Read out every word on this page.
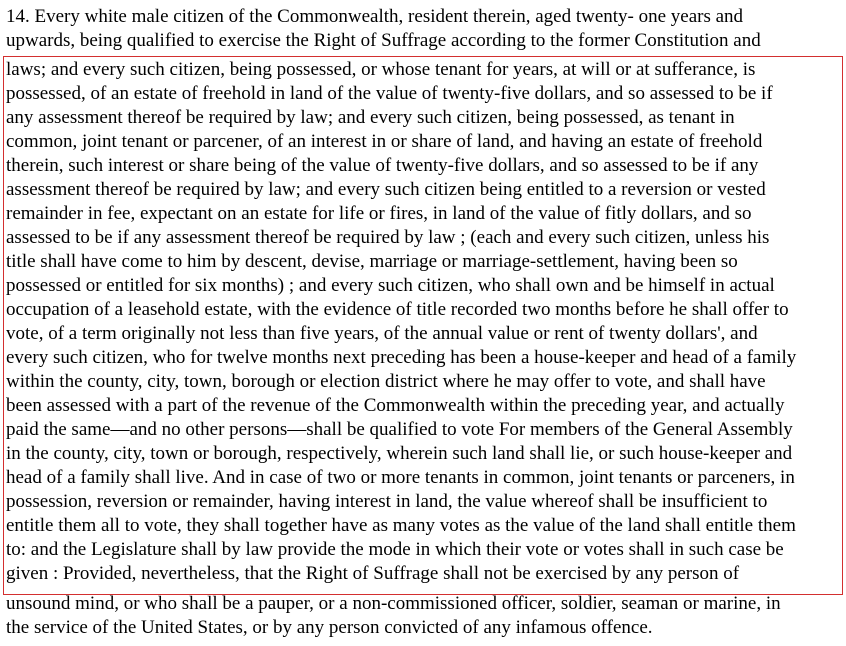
14. Every white male citizen of the Commonwealth, resident therein, aged twenty- one years and

upwards, being qualified to exercise the Right of Suffrage according to the former Constitution and

laws; and every such citizen, being possessed, or whose tenant for years, at will or at sufferance, is

possessed, of an estate of freehold in land of the value of twenty-five dollars, and so assessed to be if

any assessment thereof be required by law; and every such citizen, being possessed, as tenant in

common, joint tenant or parcener, of an interest in or share of land, and having an estate of freehold

therein, such interest or share being of the value of twenty-five dollars, and so assessed to be if any

assessment thereof be required by law; and every such citizen being entitled to a reversion or vested

remainder in fee, expectant on an estate for life or fires, in land of the value of fitly dollars, and so

assessed to be if any assessment thereof be required by law ; (each and every such citizen, unless his

title shall have come to him by descent, devise, marriage or marriage-settlement, having been so

possessed or entitled for six months) ; and every such citizen, who shall own and be himself in actual

occupation of a leasehold estate, with the evidence of title recorded two months before he shall offer to

vote, of a term originally not less than five years, of the annual value or rent of twenty dollars', and

every such citizen, who for twelve months next preceding has been a house-keeper and head of a family

within the county, city, town, borough or election district where he may offer to vote, and shall have

been assessed with a part of the revenue of the Commonwealth within the preceding year, and actually

paid the same—and no other persons—shall be qualified to vote For members of the General Assembly

in the county, city, town or borough, respectively, wherein such land shall lie, or such house-keeper and

head of a family shall live. And in case of two or more tenants in common, joint tenants or parceners, in

possession, reversion or remainder, having interest in land, the value whereof shall be insufficient to

entitle them all to vote, they shall together have as many votes as the value of the land shall entitle them

to: and the Legislature shall by law provide the mode in which their vote or votes shall in such case be

given : Provided, nevertheless, that the Right of Suffrage shall not be exercised by any person of

unsound mind, or who shall be a pauper, or a non-commissioned officer, soldier, seaman or marine, in

the service of the United States, or by any person convicted of any infamous offence.
